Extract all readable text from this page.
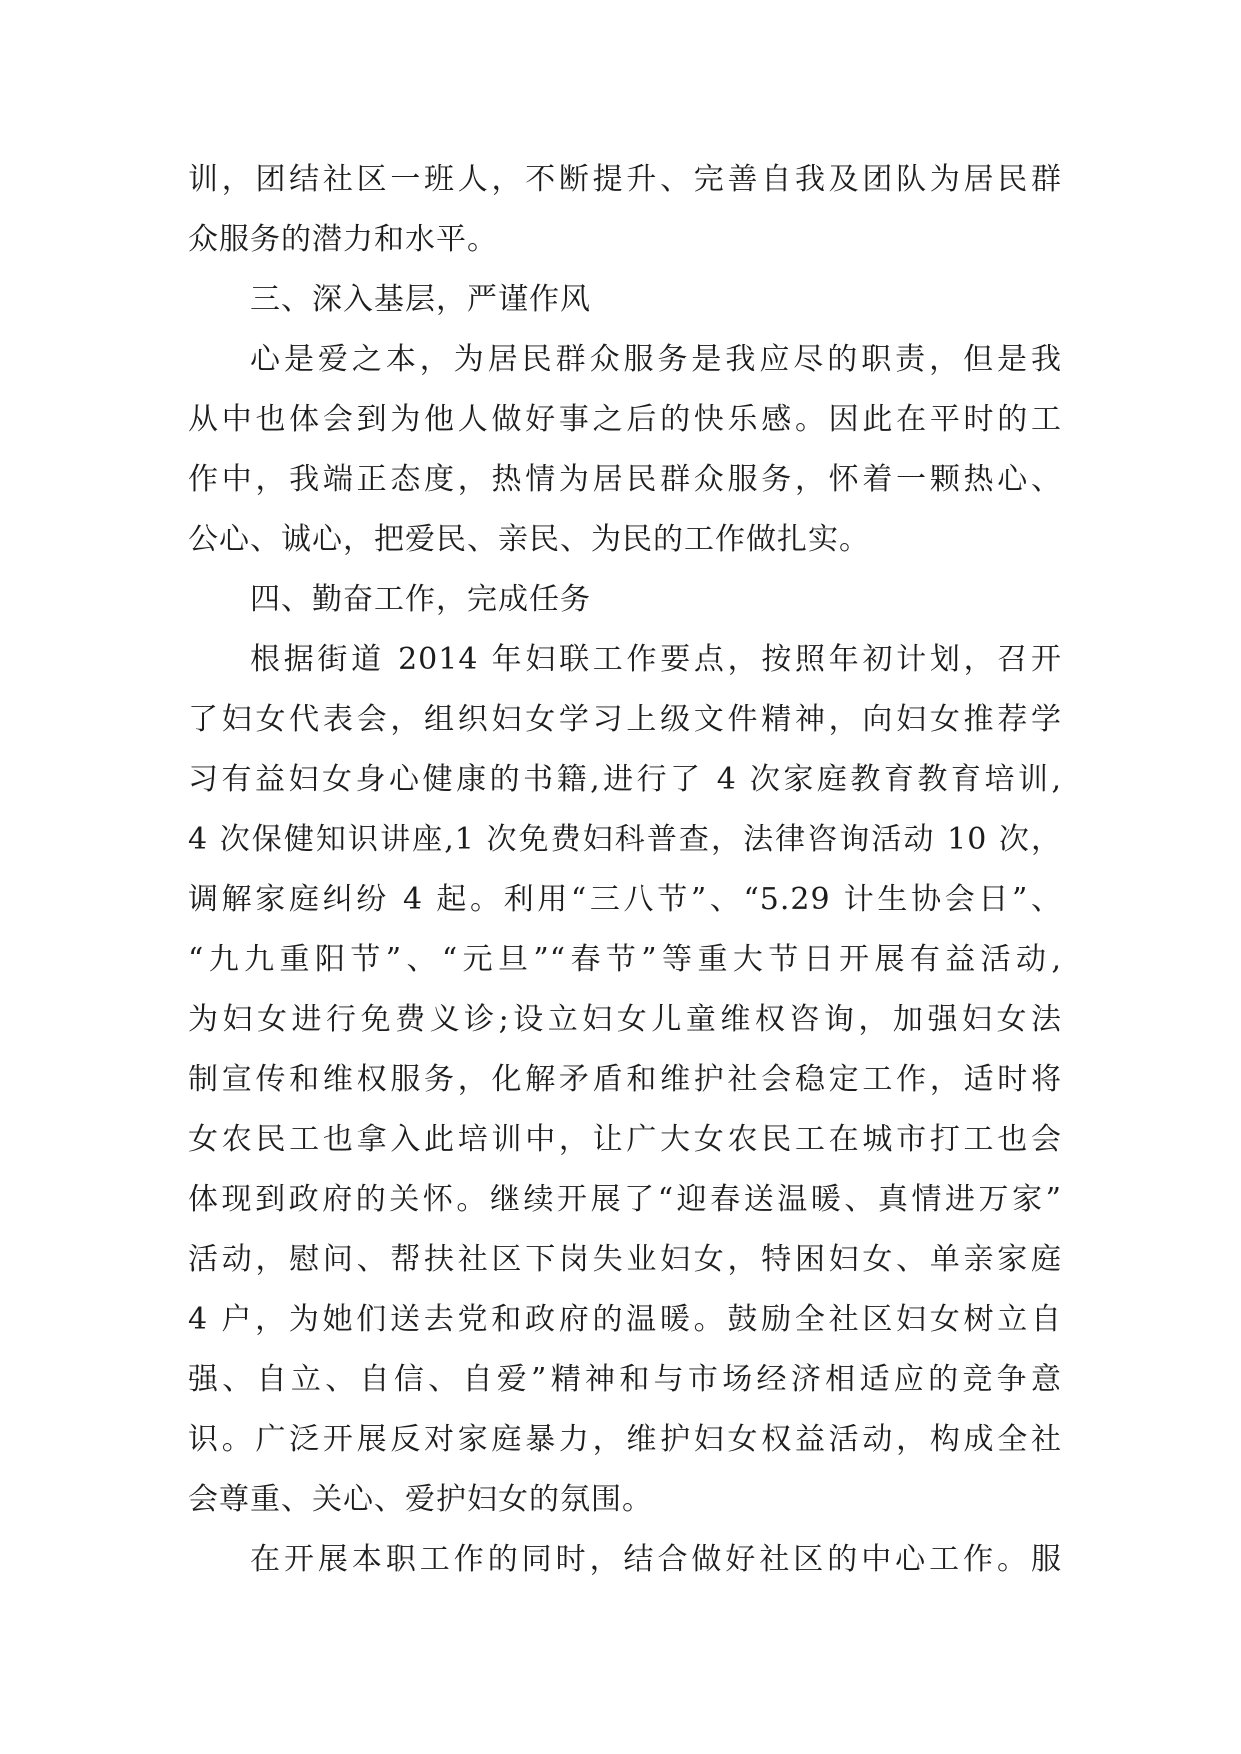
训，团结社区一班人，不断提升、完善自我及团队为居民群
众服务的潜力和水平。
三、深入基层，严谨作风
心是爱之本，为居民群众服务是我应尽的职责，但是我
从中也体会到为他人做好事之后的快乐感。因此在平时的工
作中，我端正态度，热情为居民群众服务，怀着一颗热心、
公心、诚心，把爱民、亲民、为民的工作做扎实。
四、勤奋工作，完成任务
根据街道 2014 年妇联工作要点，按照年初计划，召开
了妇女代表会，组织妇女学习上级文件精神，向妇女推荐学
习有益妇女身心健康的书籍,进行了 4 次家庭教育教育培训,
4 次保健知识讲座,1 次免费妇科普查，法律咨询活动 10 次，
调解家庭纠纷 4 起。利用“三八节”、“5.29 计生协会日”、
“九九重阳节”、“元旦”“春节”等重大节日开展有益活动,
为妇女进行免费义诊;设立妇女儿童维权咨询，加强妇女法
制宣传和维权服务，化解矛盾和维护社会稳定工作，适时将
女农民工也拿入此培训中，让广大女农民工在城市打工也会
体现到政府的关怀。继续开展了“迎春送温暖、真情进万家”
活动，慰问、帮扶社区下岗失业妇女，特困妇女、单亲家庭
4 户，为她们送去党和政府的温暖。鼓励全社区妇女树立自
强、自立、自信、自爱”精神和与市场经济相适应的竞争意
识。广泛开展反对家庭暴力，维护妇女权益活动，构成全社
会尊重、关心、爱护妇女的氛围。
在开展本职工作的同时，结合做好社区的中心工作。服
